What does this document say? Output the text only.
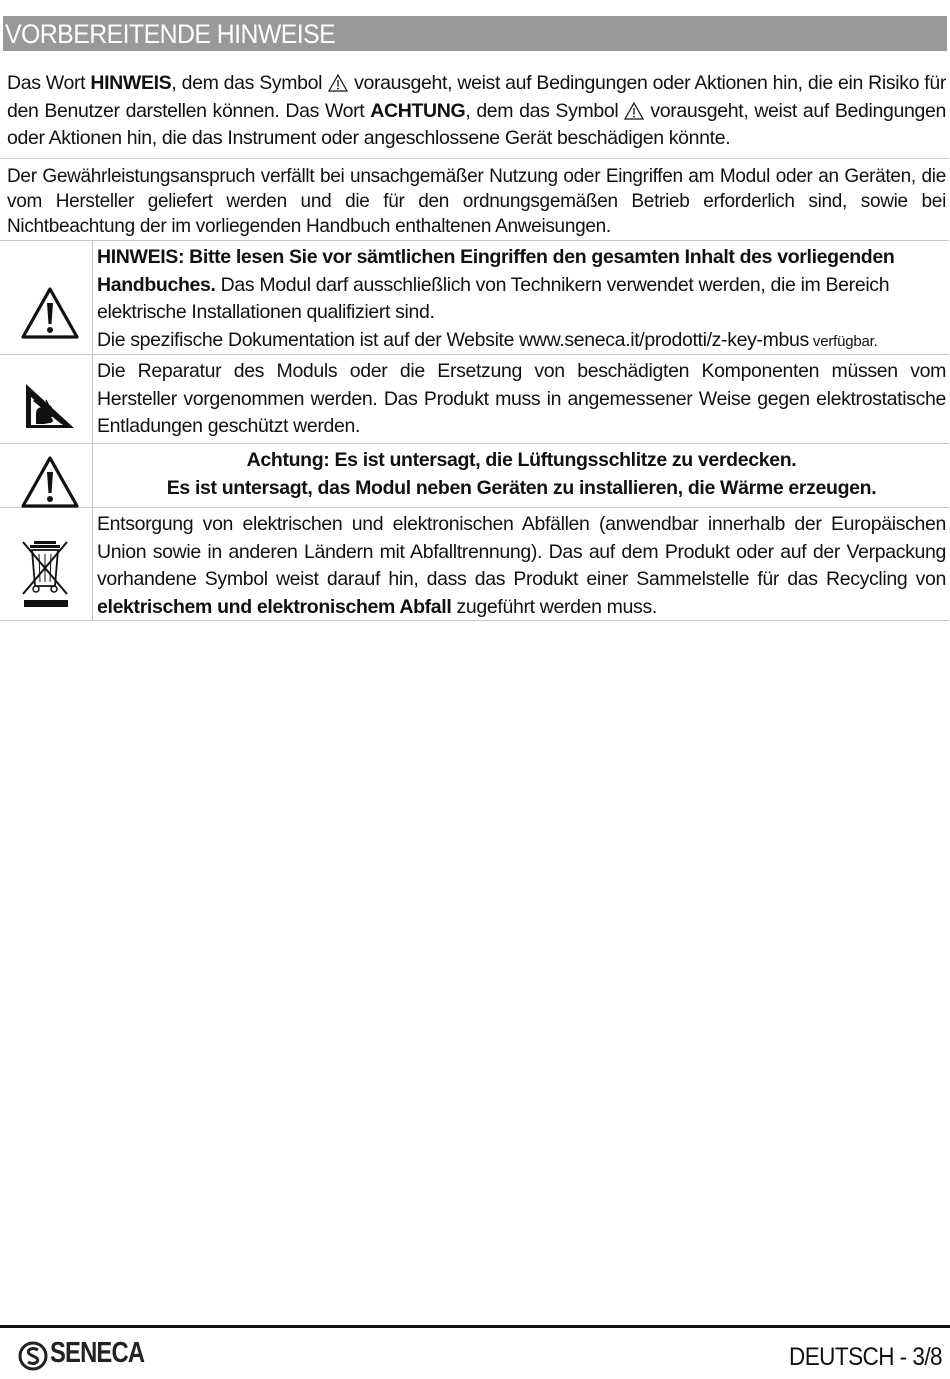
VORBEREITENDE HINWEISE
Das Wort HINWEIS, dem das Symbol vorausgeht, weist auf Bedingungen oder Aktionen hin, die ein Risiko für den Benutzer darstellen können. Das Wort ACHTUNG, dem das Symbol vorausgeht, weist auf Bedingungen oder Aktionen hin, die das Instrument oder angeschlossene Gerät beschädigen könnte.
Der Gewährleistungsanspruch verfällt bei unsachgemäßer Nutzung oder Eingriffen am Modul oder an Geräten, die vom Hersteller geliefert werden und die für den ordnungsgemäßen Betrieb erforderlich sind, sowie bei Nichtbeachtung der im vorliegenden Handbuch enthaltenen Anweisungen.
HINWEIS: Bitte lesen Sie vor sämtlichen Eingriffen den gesamten Inhalt des vorliegenden Handbuches. Das Modul darf ausschließlich von Technikern verwendet werden, die im Bereich elektrische Installationen qualifiziert sind.
Die spezifische Dokumentation ist auf der Website www.seneca.it/prodotti/z-key-mbus verfügbar.
Die Reparatur des Moduls oder die Ersetzung von beschädigten Komponenten müssen vom Hersteller vorgenommen werden. Das Produkt muss in angemessener Weise gegen elektrostatische Entladungen geschützt werden.
Achtung: Es ist untersagt, die Lüftungsschlitze zu verdecken.
Es ist untersagt, das Modul neben Geräten zu installieren, die Wärme erzeugen.
Entsorgung von elektrischen und elektronischen Abfällen (anwendbar innerhalb der Europäischen Union sowie in anderen Ländern mit Abfalltrennung). Das auf dem Produkt oder auf der Verpackung vorhandene Symbol weist darauf hin, dass das Produkt einer Sammelstelle für das Recycling von elektrischem und elektronischem Abfall zugeführt werden muss.
SENECA	DEUTSCH - 3/8
